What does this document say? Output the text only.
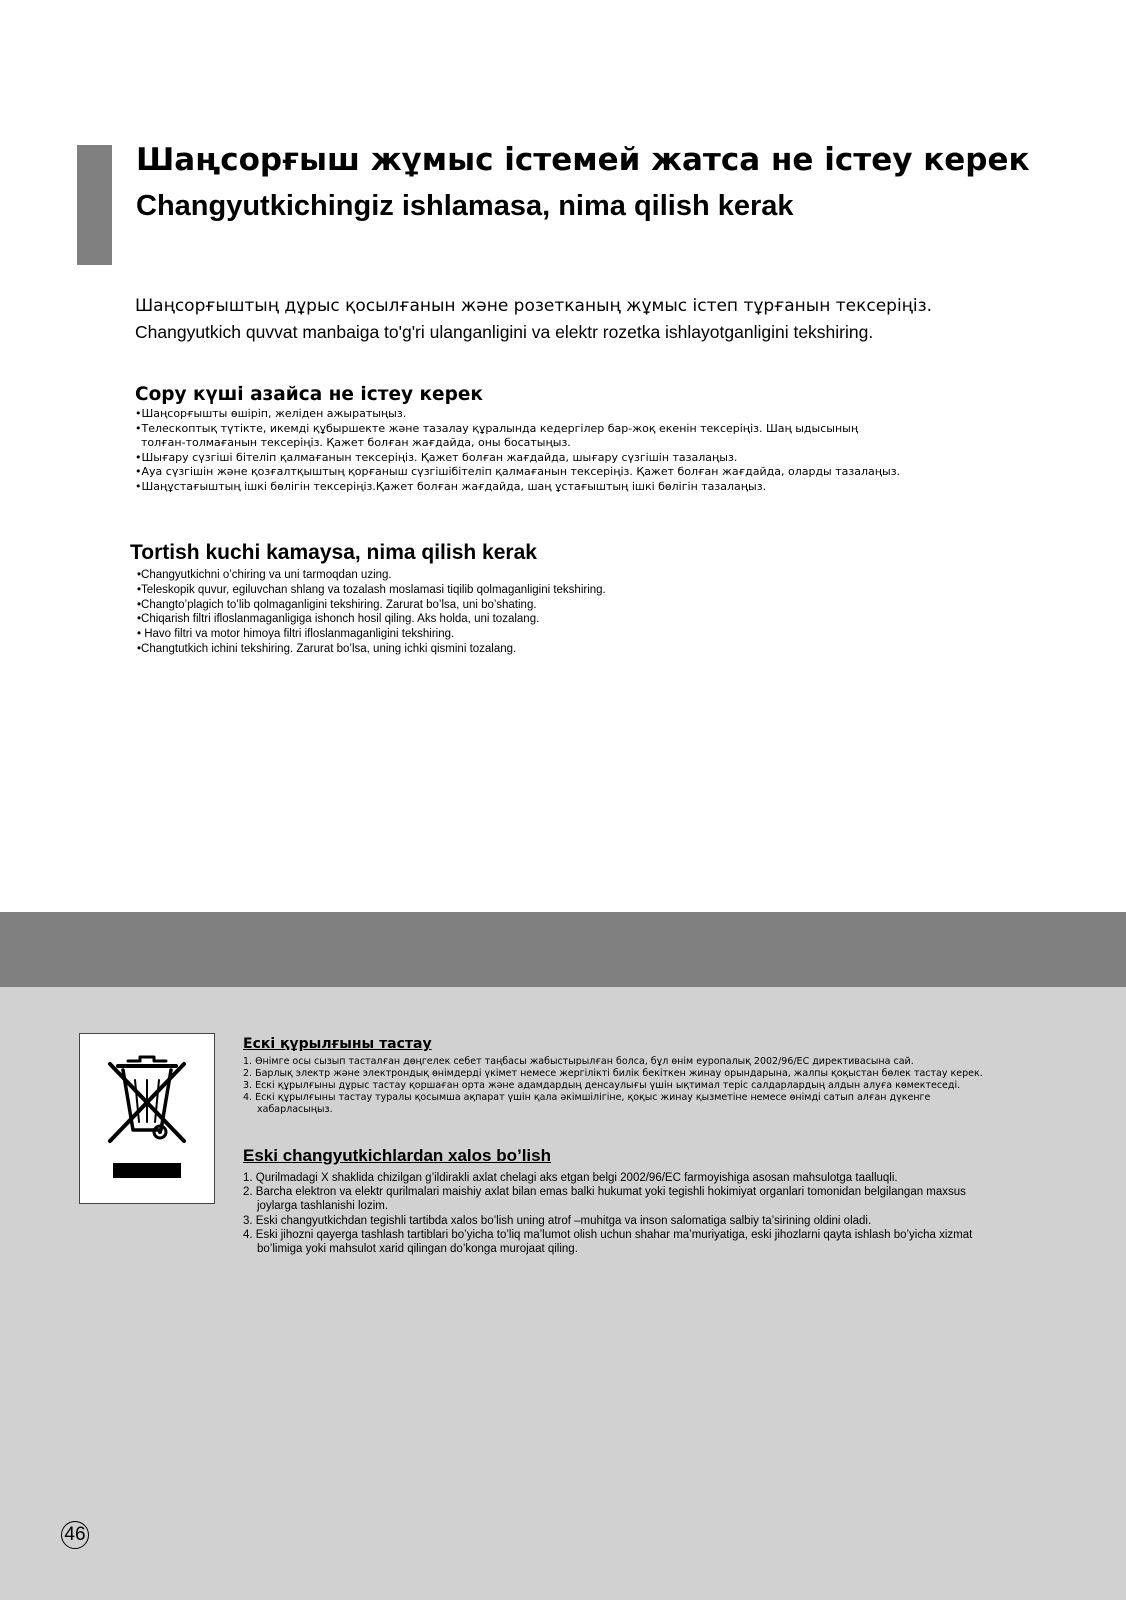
Шаңсорғыш жұмыс істемей жатса не істеу керек
Changyutkichingiz ishlamasa, nima qilish kerak
Шаңсорғыштың дұрыс қосылғанын және розетканың жұмыс істеп тұрғанын тексеріңіз.
Changyutkich quvvat manbaiga to'g'ri ulanganligini va elektr rozetka ishlayotganligini tekshiring.
Сору күші азайса не істеу керек
• Шаңсорғышты өшіріп, желіден ажыратыңыз.
• Телескоптық түтікте, икемді құбыршекте және тазалау құралында кедергілер бар-жоқ екенін тексеріңіз. Шаң ыдысының
толған-толмағанын тексеріңіз. Қажет болған жағдайда, оны босатыңыз.
• Шығару сүзгіші бітеліп қалмағанын тексеріңіз. Қажет болған жағдайда, шығару сүзгішін тазалаңыз.
• Ауа сүзгішін және қозғалтқыштың қорғаныш сүзгішібітеліп қалмағанын тексеріңіз. Қажет болған жағдайда, оларды тазалаңыз.
• Шаңұстағыштың ішкі бөлігін тексеріңіз.Қажет болған жағдайда, шаң ұстағыштың ішкі бөлігін тазалаңыз.
Tortish kuchi kamaysa, nima qilish kerak
• Changyutkichni o’chiring va uni tarmoqdan uzing.
• Teleskopik quvur, egiluvchan shlang va tozalash moslamasi tiqilib qolmaganligini tekshiring.
• Changto’plagich to’lib qolmaganligini tekshiring. Zarurat bo’lsa, uni bo’shating.
• Chiqarish filtri ifloslanmaganligiga ishonch hosil qiling. Aks holda, uni tozalang.
• Havo filtri va motor himoya filtri ifloslanmaganligini tekshiring.
• Changtutkich ichini tekshiring. Zarurat bo’lsa, uning ichki qismini tozalang.
Ескі құрылғыны тастау
1. Өнімге осы сызып тасталған дөңгелек себет таңбасы жабыстырылған болса, бұл өнім еуропалық 2002/96/EC директивасына сай.
2. Барлық электр және электрондық өнімдерді үкімет немесе жергілікті билік бекіткен жинау орындарына, жалпы қоқыстан бөлек тастау керек.
3. Ескі құрылғыны дұрыс тастау қоршаған орта және адамдардың денсаулығы үшін ықтимал теріс салдарлардың алдын алуға көмектеседі.
4. Ескі құрылғыны тастау туралы қосымша ақпарат үшін қала әкімшілігіне, қоқыс жинау қызметіне немесе өнімді сатып алған дүкенге
хабарласыңыз.
Eski changyutkichlardan xalos bo’lish
1. Qurilmadagi X shaklida chizilgan g’ildirakli axlat chelagi aks etgan belgi 2002/96/EC farmoyishiga asosan mahsulotga taalluqli.
2. Barcha elektron va elektr qurilmalari maishiy axlat bilan emas balki hukumat yoki tegishli hokimiyat organlari tomonidan belgilangan maxsus
joylarga tashlanishi lozim.
3. Eski changyutkichdan tegishli tartibda xalos bo’lish uning atrof –muhitga va inson salomatiga salbiy ta’sirining oldini oladi.
4. Eski jihozni qayerga tashlash tartiblari bo’yicha to’liq ma’lumot olish uchun shahar ma’muriyatiga, eski jihozlarni qayta ishlash bo’yicha xizmat
bo’limiga yoki mahsulot xarid qilingan do’konga murojaat qiling.
46
